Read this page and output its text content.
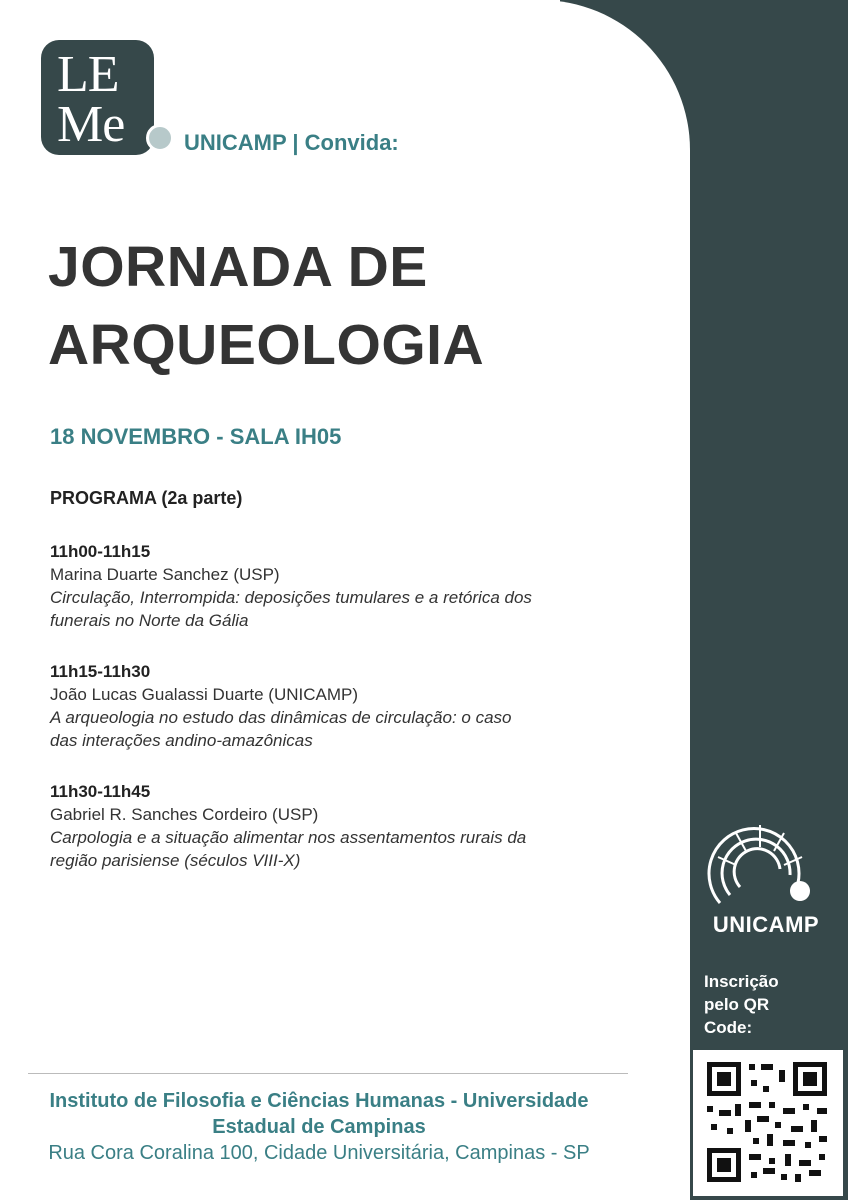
LE
Me	UNICAMP | Convida:
JORNADA DE
ARQUEOLOGIA
18 NOVEMBRO - SALA IH05
PROGRAMA (2a parte)
11h00-11h15
Marina Duarte Sanchez (USP)
Circulação, Interrompida: deposições tumulares e a retórica dos
funerais no Norte da Gália
11h15-11h30
João Lucas Gualassi Duarte (UNICAMP)
A arqueologia no estudo das dinâmicas de circulação: o caso
das interações andino-amazônicas
11h30-11h45
Gabriel R. Sanches Cordeiro (USP)
Carpologia e a situação alimentar nos assentamentos rurais da
região parisiense (séculos VIII-X)
Instituto de Filosofia e Ciências Humanas - Universidade
Estadual de Campinas
Rua Cora Coralina 100, Cidade Universitária, Campinas - SP
UNICAMP
Inscrição
pelo QR
Code:
